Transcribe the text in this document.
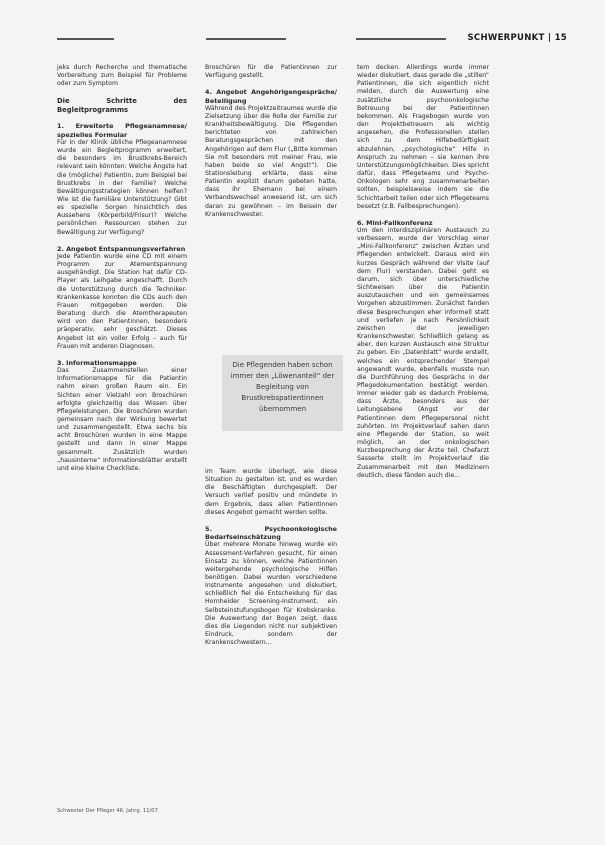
SCHWERPUNKT | 15

jeks durch Recherche und thematische Vorbereitung zum Beispiel für Probleme oder zum Symptom

Die Schritte des Begleitprogramms
1. Erweiterte Pflegeanamnese/ spezielles Formular

Für in der Klinik übliche Pflegeanamnese wurde ein Begleitprogramm erweitert, die besonders im Brustkrebs-Bereich relevant sein könnten: Welche Ängste hat die (mögliche) Patientin, zum Beispiel bei Brustkrebs in der Familie? Welche Bewältigungsstrategien können helfen? Wie ist die familiäre Unterstützung? Gibt es spezielle Sorgen hinsichtlich des Aussehens (Körperbild/Frisur)? Welche persönlichen Ressourcen stehen zur Bewältigung zur Verfügung?

2. Angebot Entspannungsverfahren

Jede Patientin wurde eine CD mit einem Programm zur Atementspannung ausgehändigt. Die Station hat dafür CD-Player als Leihgabe angeschafft. Durch die Unterstützung durch die Techniker-Krankenkasse konnten die CDs auch den Frauen mitgegeben werden. Die Beratung durch die Atemtherapeuten wird von den Patientinnen, besonders präoperativ, sehr geschätzt. Dieses Angebot ist ein voller Erfolg – auch für Frauen mit anderen Diagnosen.

3. Informationsmappe

Das Zusammenstellen einer Informationsmappe für die Patientin nahm einen großen Raum ein. Ein Sichten einer Vielzahl von Broschüren erfolgte gleichzeitig das Wissen über Pflegeleistungen. Die Broschüren wurden gemeinsam nach der Wirkung bewertet und zusammengestellt. Etwa sechs bis acht Broschüren wurden in eine Mappe gestellt und dann in einer Mappe gesammelt. Zusätzlich wurden „hausinterne“ Informationsblätter erstellt und eine kleine Checkliste.

Broschüren für die Patientinnen zur Verfügung gestellt.

4. Angebot Angehörigengespräche/ Beteiligung

Während des Projektzeitraumes wurde die Zielsetzung über die Rolle der Familie zur Krankheitsbewältigung. Die Pflegenden berichteten von zahlreichen Beratungsgesprächen mit den Angehörigen auf dem Flur („Bitte kommen Sie mit besonders mit meiner Frau, wie haben beide so viel Angst!“). Die Stationsleitung erklärte, dass eine Patientin explizit darum gebeten hatte, dass ihr Ehemann bei einem Verbandswechsel anwesend ist, um sich daran zu gewöhnen – im Beisein der Krankenschwester.

Die Pflegenden haben schon immer den „Löwenanteil“ der Begleitung von Brustkrebspatientinnen übernommen

im Team wurde überlegt, wie diese Situation zu gestalten ist, und es wurden die Beschäftigten durchgespielt. Der Versuch verlief positiv und mündete in dem Ergebnis, dass allen Patientinnen dieses Angebot gemacht werden sollte.

5. Psychoonkologische Bedarfseinschätzung

Über mehrere Monate hinweg wurde ein Assessment-Verfahren gesucht, für einen Einsatz zu können, welche Patientinnen weitergehende psychologische Hilfen benötigen. Dabei wurden verschiedene Instrumente angesehen und diskutiert, schließlich fiel die Entscheidung für das Hornheider Screening-Instrument, ein Selbsteinstufungsbogen für Krebskranke. Die Auswertung der Bogen zeigt, dass dies die Liegenden nicht nur subjektiven Eindruck, sondern der Krankenschwestern...

tern decken. Allerdings wurde immer wieder diskutiert, dass gerade die „stillen“ Patientinnen, die sich eigentlich nicht melden, durch die Auswertung eine zusätzliche psychoonkologische Betreuung bei der Patientinnen bekommen. Als Fragebogen wurde von den Projektbetreuern als wichtig angesehen, die Professionellen stellen sich zu dem Hilfebedürftigkeit abzulehnen, „psychologische“ Hilfe in Anspruch zu nehmen – sie kennen ihre Unterstützungsmöglichkeiten. Dies spricht dafür, dass Pflegeteams und Psycho-Onkologen sehr eng zusammenarbeiten sollten, beispielsweise indem sie die Schichtarbeit teilen oder sich Pflegeteams besetzt (z.B. Fallbesprechungen).

6. Mini-Fallkonferenz

Um den interdisziplinären Austausch zu verbessern, wurde der Vorschlag einer „Mini-Fallkonferenz“ zwischen Ärzten und Pflegenden entwickelt. Daraus wird ein kurzes Gespräch während der Visite (auf dem Flur) verstanden. Dabei geht es darum, sich über unterschiedliche Sichtweisen über die Patientin auszutauschen und ein gemeinsames Vorgehen abzustimmen. Zunächst fanden diese Besprechungen eher informell statt und verliefen je nach Persönlichkeit zwischen der jeweiligen Krankenschwester. Schließlich gelang es aber, den kurzen Austausch eine Struktur zu geben. Ein „Datenblatt“ wurde erstellt, welches ein entsprechender Stempel angewandt wurde, ebenfalls musste nun die Durchführung des Gesprächs in der Pflegedokumentation bestätigt werden. Immer wieder gab es dadurch Probleme, dass Ärzte, besonders aus der Leitungsebene (Angst vor der Patientinnen dem Pflegepersonal nicht zuhörten. Im Projektverlauf sahen dann eine Pflegende der Station, so weit möglich, an der onkologischen Kurzbesprechung der Ärzte teil. Chefarzt Sasserte stellt im Projektverlauf die Zusammenarbeit mit den Medizinern deutlich, diese fänden auch die...

Schwester Der Pfleger 46. Jahrg. 11/07
